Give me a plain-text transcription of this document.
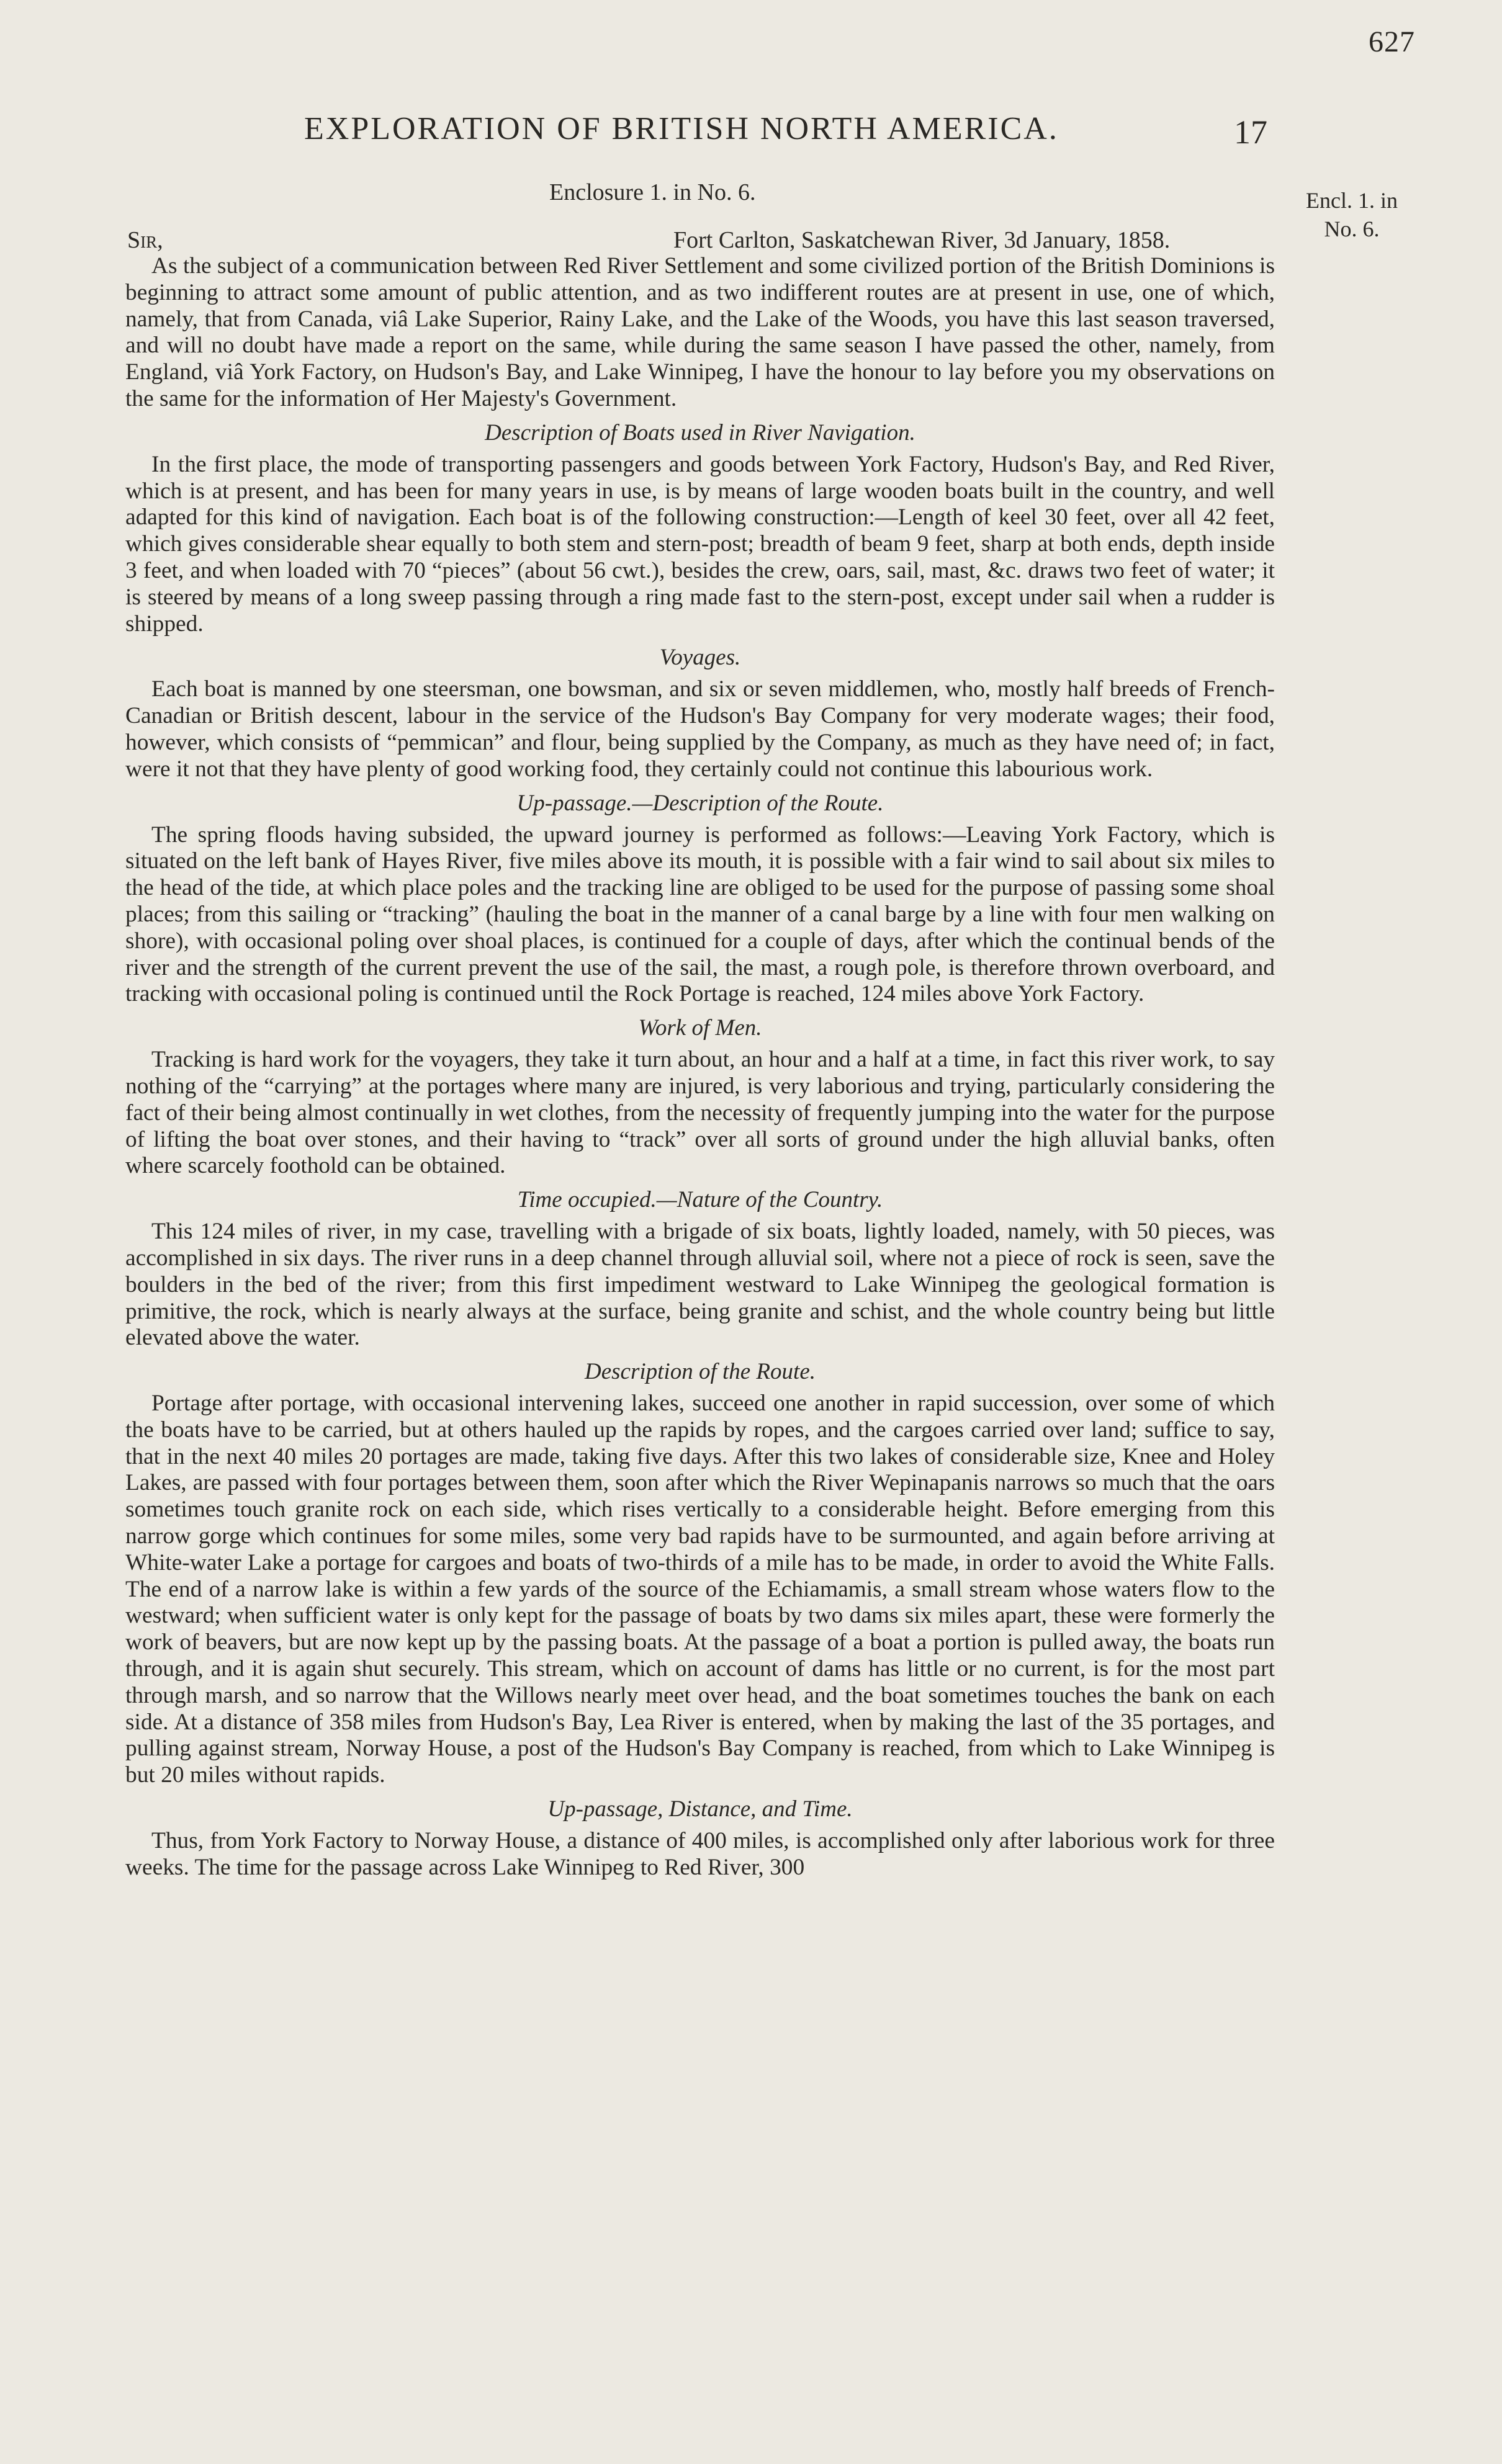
627
EXPLORATION OF BRITISH NORTH AMERICA.	17
Encl. 1. in
No. 6.
Enclosure 1. in No. 6.
Sir,	Fort Carlton, Saskatchewan River, 3d January, 1858.

As the subject of a communication between Red River Settlement and some civilized portion of the British Dominions is beginning to attract some amount of public attention, and as two indifferent routes are at present in use, one of which, namely, that from Canada, viâ Lake Superior, Rainy Lake, and the Lake of the Woods, you have this last season traversed, and will no doubt have made a report on the same, while during the same season I have passed the other, namely, from England, viâ York Factory, on Hudson's Bay, and Lake Winnipeg, I have the honour to lay before you my observations on the same for the information of Her Majesty's Government.

Description of Boats used in River Navigation.

In the first place, the mode of transporting passengers and goods between York Factory, Hudson's Bay, and Red River, which is at present, and has been for many years in use, is by means of large wooden boats built in the country, and well adapted for this kind of navigation. Each boat is of the following construction:—Length of keel 30 feet, over all 42 feet, which gives considerable shear equally to both stem and stern-post; breadth of beam 9 feet, sharp at both ends, depth inside 3 feet, and when loaded with 70 “pieces” (about 56 cwt.), besides the crew, oars, sail, mast, &c. draws two feet of water; it is steered by means of a long sweep passing through a ring made fast to the stern-post, except under sail when a rudder is shipped.

Voyages.

Each boat is manned by one steersman, one bowsman, and six or seven middlemen, who, mostly half breeds of French-Canadian or British descent, labour in the service of the Hudson's Bay Company for very moderate wages; their food, however, which consists of “pemmican” and flour, being supplied by the Company, as much as they have need of; in fact, were it not that they have plenty of good working food, they certainly could not continue this labourious work.

Up-passage.—Description of the Route.

The spring floods having subsided, the upward journey is performed as follows:—Leaving York Factory, which is situated on the left bank of Hayes River, five miles above its mouth, it is possible with a fair wind to sail about six miles to the head of the tide, at which place poles and the tracking line are obliged to be used for the purpose of passing some shoal places; from this sailing or “tracking” (hauling the boat in the manner of a canal barge by a line with four men walking on shore), with occasional poling over shoal places, is continued for a couple of days, after which the continual bends of the river and the strength of the current prevent the use of the sail, the mast, a rough pole, is therefore thrown overboard, and tracking with occasional poling is continued until the Rock Portage is reached, 124 miles above York Factory.

Work of Men.

Tracking is hard work for the voyagers, they take it turn about, an hour and a half at a time, in fact this river work, to say nothing of the “carrying” at the portages where many are injured, is very laborious and trying, particularly considering the fact of their being almost continually in wet clothes, from the necessity of frequently jumping into the water for the purpose of lifting the boat over stones, and their having to “track” over all sorts of ground under the high alluvial banks, often where scarcely foothold can be obtained.

Time occupied.—Nature of the Country.

This 124 miles of river, in my case, travelling with a brigade of six boats, lightly loaded, namely, with 50 pieces, was accomplished in six days. The river runs in a deep channel through alluvial soil, where not a piece of rock is seen, save the boulders in the bed of the river; from this first impediment westward to Lake Winnipeg the geological formation is primitive, the rock, which is nearly always at the surface, being granite and schist, and the whole country being but little elevated above the water.

Description of the Route.

Portage after portage, with occasional intervening lakes, succeed one another in rapid succession, over some of which the boats have to be carried, but at others hauled up the rapids by ropes, and the cargoes carried over land; suffice to say, that in the next 40 miles 20 portages are made, taking five days. After this two lakes of considerable size, Knee and Holey Lakes, are passed with four portages between them, soon after which the River Wepinapanis narrows so much that the oars sometimes touch granite rock on each side, which rises vertically to a considerable height. Before emerging from this narrow gorge which continues for some miles, some very bad rapids have to be surmounted, and again before arriving at White-water Lake a portage for cargoes and boats of two-thirds of a mile has to be made, in order to avoid the White Falls. The end of a narrow lake is within a few yards of the source of the Echiamamis, a small stream whose waters flow to the westward; when sufficient water is only kept for the passage of boats by two dams six miles apart, these were formerly the work of beavers, but are now kept up by the passing boats. At the passage of a boat a portion is pulled away, the boats run through, and it is again shut securely. This stream, which on account of dams has little or no current, is for the most part through marsh, and so narrow that the Willows nearly meet over head, and the boat sometimes touches the bank on each side. At a distance of 358 miles from Hudson's Bay, Lea River is entered, when by making the last of the 35 portages, and pulling against stream, Norway House, a post of the Hudson's Bay Company is reached, from which to Lake Winnipeg is but 20 miles without rapids.

Up-passage, Distance, and Time.

Thus, from York Factory to Norway House, a distance of 400 miles, is accomplished only after laborious work for three weeks. The time for the passage across Lake Winnipeg to Red River, 300
